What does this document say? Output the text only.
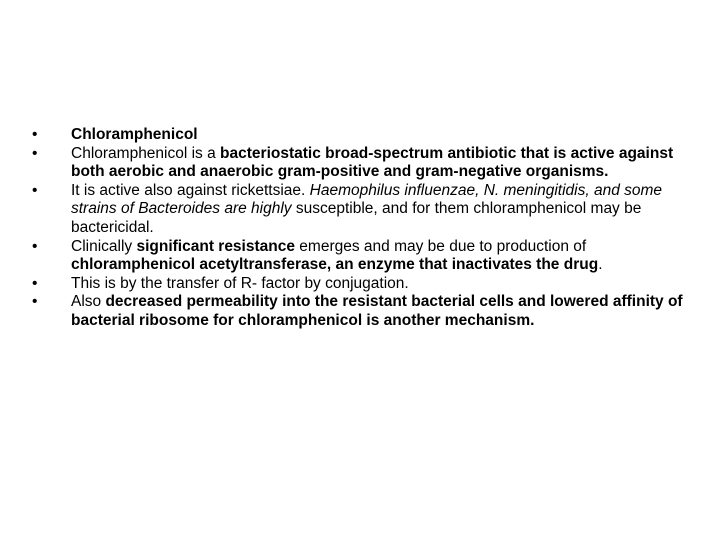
•	Chloramphenicol
•	Chloramphenicol is a bacteriostatic broad-spectrum antibiotic that is active against both aerobic and anaerobic gram-positive and gram-negative organisms.
•	It is active also against rickettsiae. Haemophilus influenzae, N. meningitidis, and some strains of Bacteroides are highly susceptible, and for them chloramphenicol may be bactericidal.
•	Clinically significant resistance emerges and may be due to production of chloramphenicol acetyltransferase, an enzyme that inactivates the drug.
•	This is by the transfer of R- factor by conjugation.
•	Also decreased permeability into the resistant bacterial cells and lowered affinity of bacterial ribosome for chloramphenicol is another mechanism.
